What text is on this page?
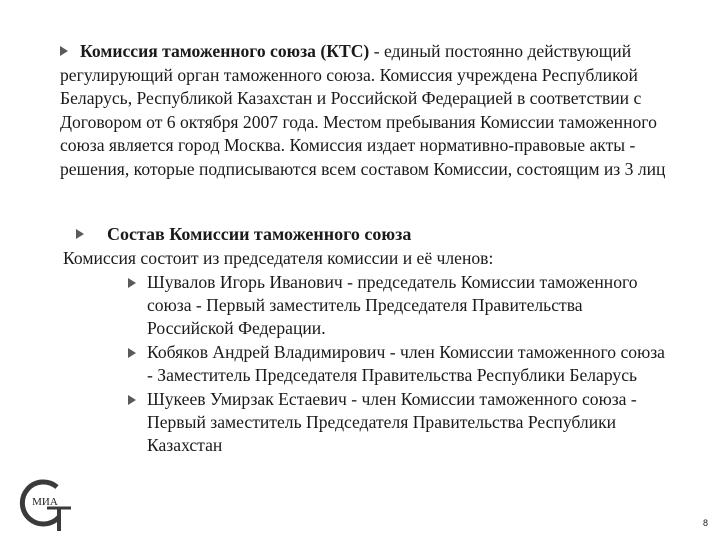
Комиссия таможенного союза (КТС) - единый постоянно действующий регулирующий орган таможенного союза. Комиссия учреждена Республикой Беларусь, Республикой Казахстан и Российской Федерацией в соответствии с Договором от 6 октября 2007 года. Местом пребывания Комиссии таможенного союза является город Москва. Комиссия издает нормативно-правовые акты - решения, которые подписываются всем составом Комиссии, состоящим из 3 лиц

Состав Комиссии таможенного союза
Комиссия состоит из председателя комиссии и её членов:
Шувалов Игорь Иванович - председатель Комиссии таможенного союза - Первый заместитель Председателя Правительства Российской Федерации.
Кобяков Андрей Владимирович - член Комиссии таможенного союза - Заместитель Председателя Правительства Республики Беларусь
Шукеев Умирзак Естаевич - член Комиссии таможенного союза - Первый заместитель Председателя Правительства Республики Казахстан
МИА
8
